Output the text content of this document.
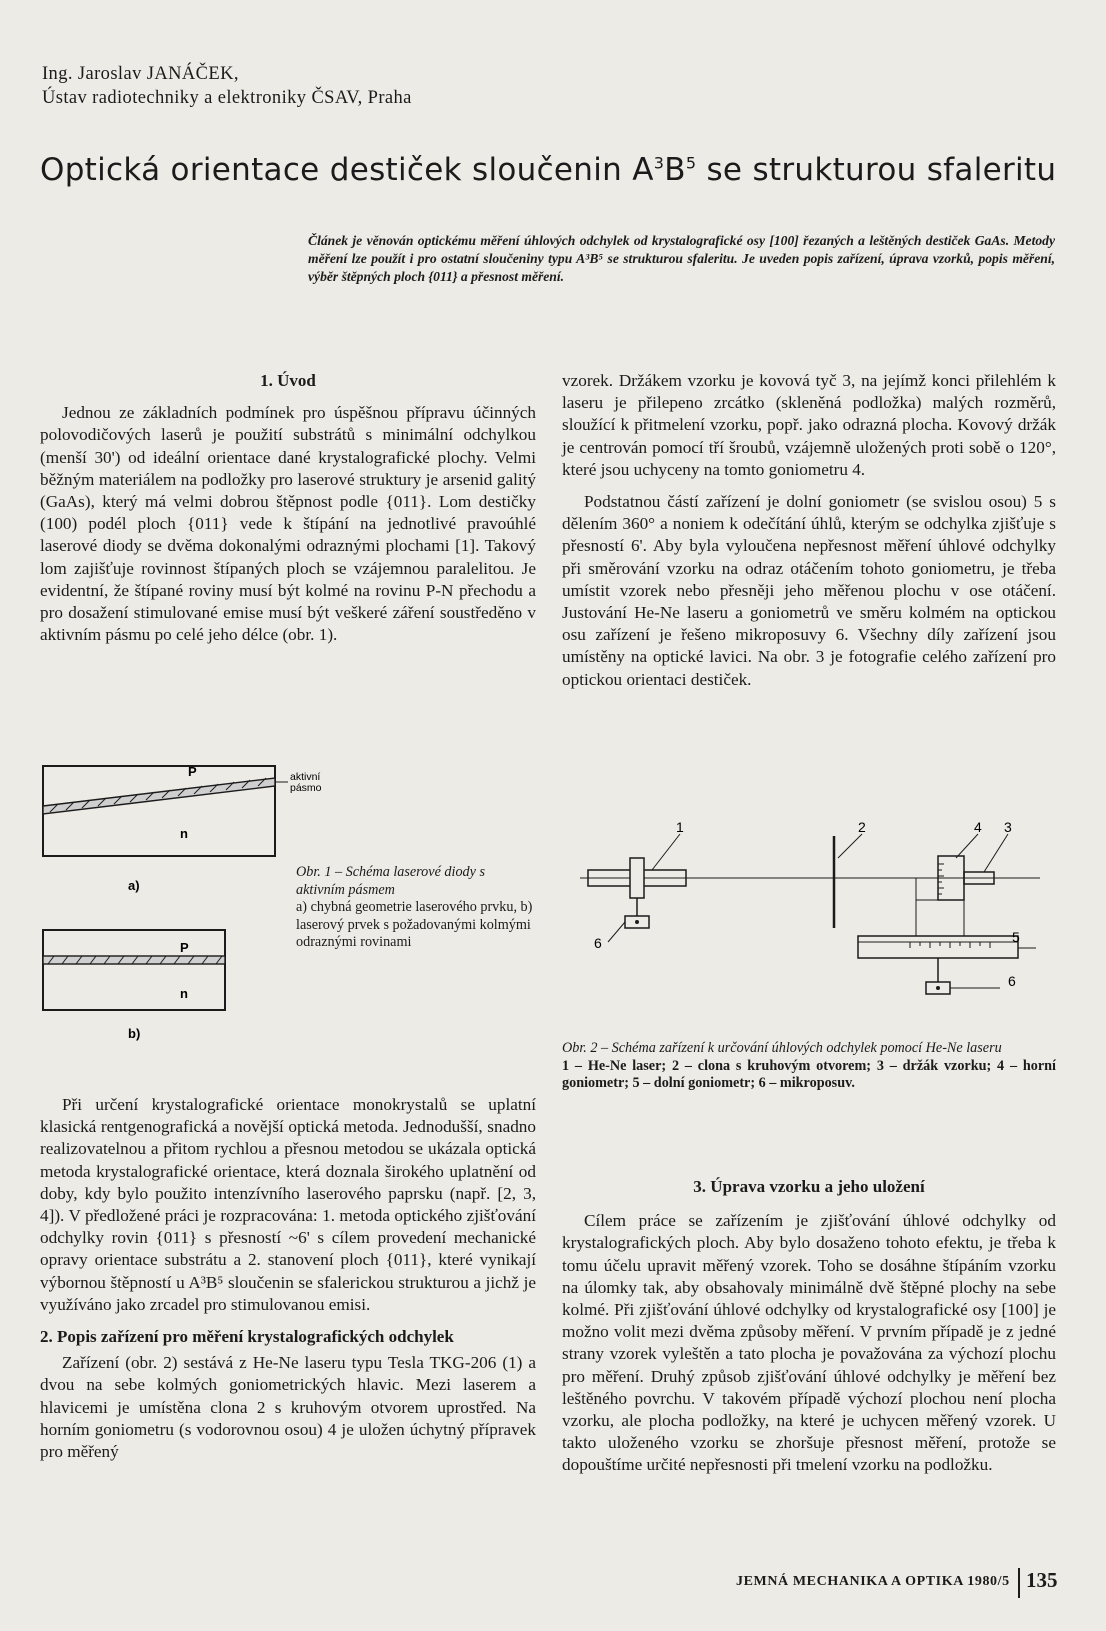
Ing. Jaroslav JANÁČEK,
Ústav radiotechniky a elektroniky ČSAV, Praha
Optická orientace destiček sloučenin $A^3B^5$ se strukturou sfaleritu
Článek je věnován optickému měření úhlových odchylek od krystalografické osy [100] řezaných a leštěných destiček GaAs. Metody měření lze použít i pro ostatní sloučeniny typu A³B⁵ se strukturou sfaleritu. Je uveden popis zařízení, úprava vzorků, popis měření, výběr štěpných ploch {011} a přesnost měření.
1. Úvod

Jednou ze základních podmínek pro úspěšnou přípravu účinných polovodičových laserů je použití substrátů s minimální odchylkou (menší 30') od ideální orientace dané krystalografické plochy. Velmi běžným materiálem na podložky pro laserové struktury je arsenid galitý (GaAs), který má velmi dobrou štěpnost podle {011}. Lom destičky (100) podél ploch {011} vede k štípání na jednotlivé pravoúhlé laserové diody se dvěma dokonalými odraznými plochami [1]. Takový lom zajišťuje rovinnost štípaných ploch se vzájemnou paralelitou. Je evidentní, že štípané roviny musí být kolmé na rovinu P-N přechodu a pro dosažení stimulované emise musí být veškeré záření soustředěno v aktivním pásmu po celé jeho délce (obr. 1).

vzorek. Držákem vzorku je kovová tyč 3, na jejímž konci přilehlém k laseru je přilepeno zrcátko (skleněná podložka) malých rozměrů, sloužící k přitmelení vzorku, popř. jako odrazná plocha. Kovový držák je centrován pomocí tří šroubů, vzájemně uložených proti sobě o 120°, které jsou uchyceny na tomto goniometru 4.

Podstatnou částí zařízení je dolní goniometr (se svislou osou) 5 s dělením 360° a noniem k odečítání úhlů, kterým se odchylka zjišťuje s přesností 6'. Aby byla vyloučena nepřesnost měření úhlové odchylky při směrování vzorku na odraz otáčením tohoto goniometru, je třeba umístit vzorek nebo přesněji jeho měřenou plochu v ose otáčení. Justování He-Ne laseru a goniometrů ve směru kolmém na optickou osu zařízení je řešeno mikroposuvy 6. Všechny díly zařízení jsou umístěny na optické lavici. Na obr. 3 je fotografie celého zařízení pro optickou orientaci destiček.

P
n
aktivní
pásmo
a)
P
n
b)
Obr. 1 – Schéma laserové diody s aktivním pásmem
a) chybná geometrie laserového prvku, b) laserový prvek s požadovanými kolmými odraznými rovinami
1	2	4 3
5
6
6
Obr. 2 – Schéma zařízení k určování úhlových odchylek pomocí He-Ne laseru
1 – He-Ne laser; 2 – clona s kruhovým otvorem; 3 – držák vzorku; 4 – horní goniometr; 5 – dolní goniometr; 6 – mikroposuv.

Při určení krystalografické orientace monokrystalů se uplatní klasická rentgenografická a novější optická metoda. Jednodušší, snadno realizovatelnou a přitom rychlou a přesnou metodou se ukázala optická metoda krystalografické orientace, která doznala širokého uplatnění od doby, kdy bylo použito intenzívního laserového paprsku (např. [2, 3, 4]). V předložené práci je rozpracována: 1. metoda optického zjišťování odchylky rovin {011} s přesností ~6' s cílem provedení mechanické opravy orientace substrátu a 2. stanovení ploch {011}, které vynikají výbornou štěpností u A³B⁵ sloučenin se sfalerickou strukturou a jichž je využíváno jako zrcadel pro stimulovanou emisi.

2. Popis zařízení pro měření krystalografických odchylek

Zařízení (obr. 2) sestává z He-Ne laseru typu Tesla TKG-206 (1) a dvou na sebe kolmých goniometrických hlavic. Mezi laserem a hlavicemi je umístěna clona 2 s kruhovým otvorem uprostřed. Na horním goniometru (s vodorovnou osou) 4 je uložen úchytný přípravek pro měřený

3. Úprava vzorku a jeho uložení

Cílem práce se zařízením je zjišťování úhlové odchylky od krystalografických ploch. Aby bylo dosaženo tohoto efektu, je třeba k tomu účelu upravit měřený vzorek. Toho se dosáhne štípáním vzorku na úlomky tak, aby obsahovaly minimálně dvě štěpné plochy na sebe kolmé. Při zjišťování úhlové odchylky od krystalografické osy [100] je možno volit mezi dvěma způsoby měření. V prvním případě je z jedné strany vzorek vyleštěn a tato plocha je považována za výchozí plochu pro měření. Druhý způsob zjišťování úhlové odchylky je měření bez leštěného povrchu. V takovém případě výchozí plochou není plocha vzorku, ale plocha podložky, na které je uchycen měřený vzorek. U takto uloženého vzorku se zhoršuje přesnost měření, protože se dopouštíme určité nepřesnosti při tmelení vzorku na podložku.

JEMNÁ MECHANIKA A OPTIKA 1980/5 135
